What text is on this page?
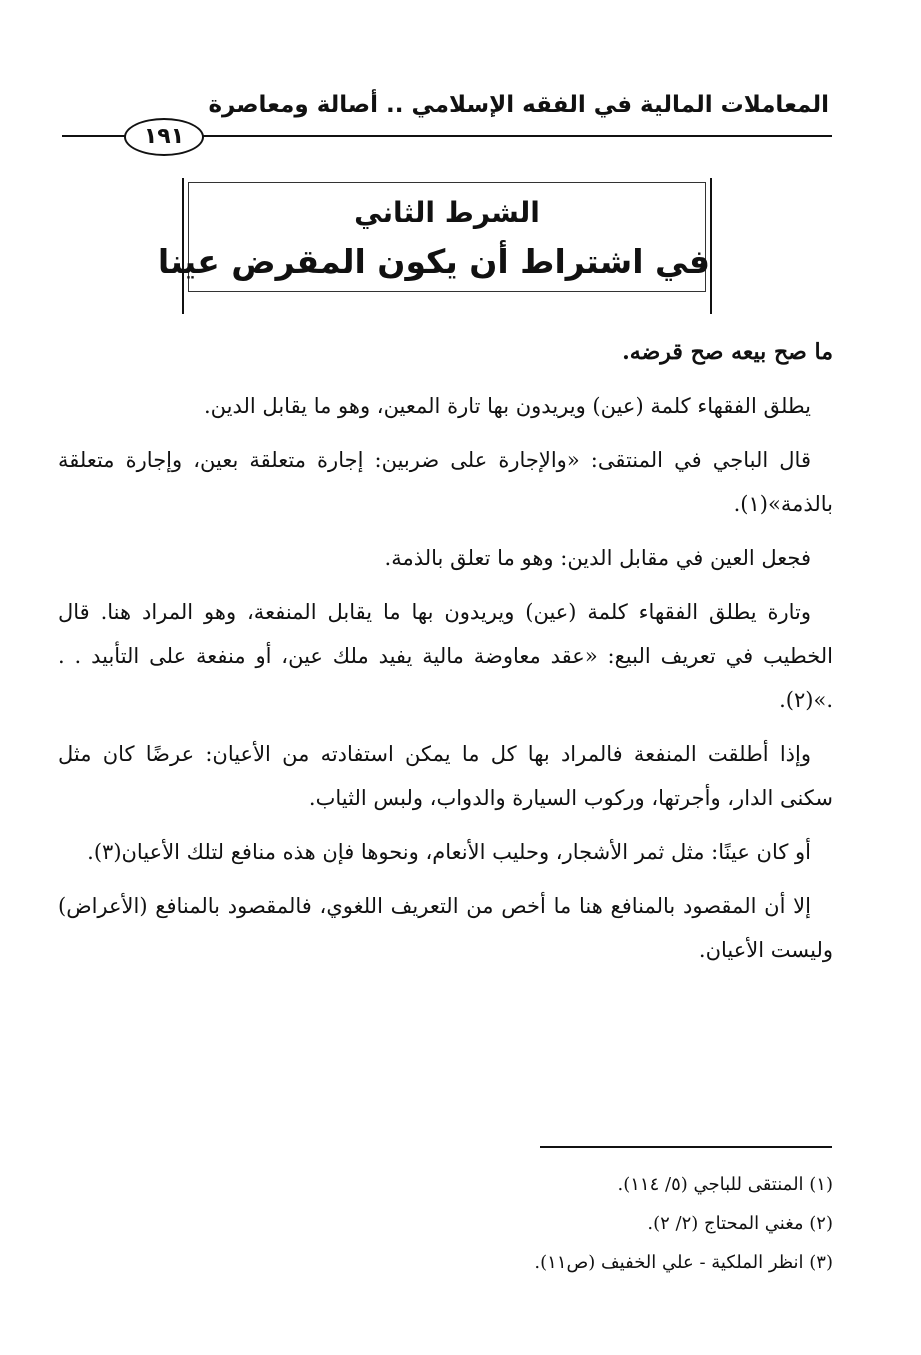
المعاملات المالية في الفقه الإسلامي .. أصالة ومعاصرة
١٩١
الشرط الثاني
في اشتراط أن يكون المقرض عينا

ما صح بيعه صح قرضه.

يطلق الفقهاء كلمة (عين) ويريدون بها تارة المعين، وهو ما يقابل الدين.

قال الباجي في المنتقى: «والإجارة على ضربين: إجارة متعلقة بعين، وإجارة متعلقة بالذمة»(١).

فجعل العين في مقابل الدين: وهو ما تعلق بالذمة.

وتارة يطلق الفقهاء كلمة (عين) ويريدون بها ما يقابل المنفعة، وهو المراد هنا. قال الخطيب في تعريف البيع: «عقد معاوضة مالية يفيد ملك عين، أو منفعة على التأبيد . . .»(٢).

وإذا أطلقت المنفعة فالمراد بها كل ما يمكن استفادته من الأعيان: عرضًا كان مثل سكنى الدار، وأجرتها، وركوب السيارة والدواب، ولبس الثياب.

أو كان عينًا: مثل ثمر الأشجار، وحليب الأنعام، ونحوها فإن هذه منافع لتلك الأعيان(٣).

إلا أن المقصود بالمنافع هنا ما أخص من التعريف اللغوي، فالمقصود بالمنافع (الأعراض) وليست الأعيان.

(١) المنتقى للباجي (٥/ ١١٤).
(٢) مغني المحتاج (٢/ ٢).
(٣) انظر الملكية - علي الخفيف (ص١١).
